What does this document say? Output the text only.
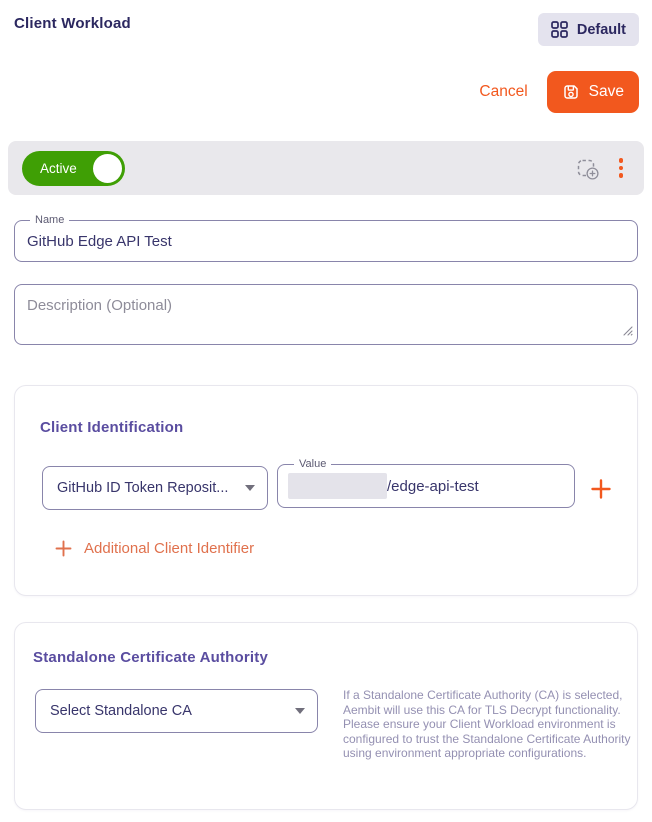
Client Workload	Default
Cancel	Save
Active
Name
GitHub Edge API Test
Description (Optional)
Client Identification
GitHub ID Token Reposit...
Value
/edge-api-test
Additional Client Identifier
Standalone Certificate Authority
Select Standalone CA
If a Standalone Certificate Authority (CA) is selected, Aembit will use this CA for TLS Decrypt functionality. Please ensure your Client Workload environment is configured to trust the Standalone Certificate Authority using environment appropriate configurations.
